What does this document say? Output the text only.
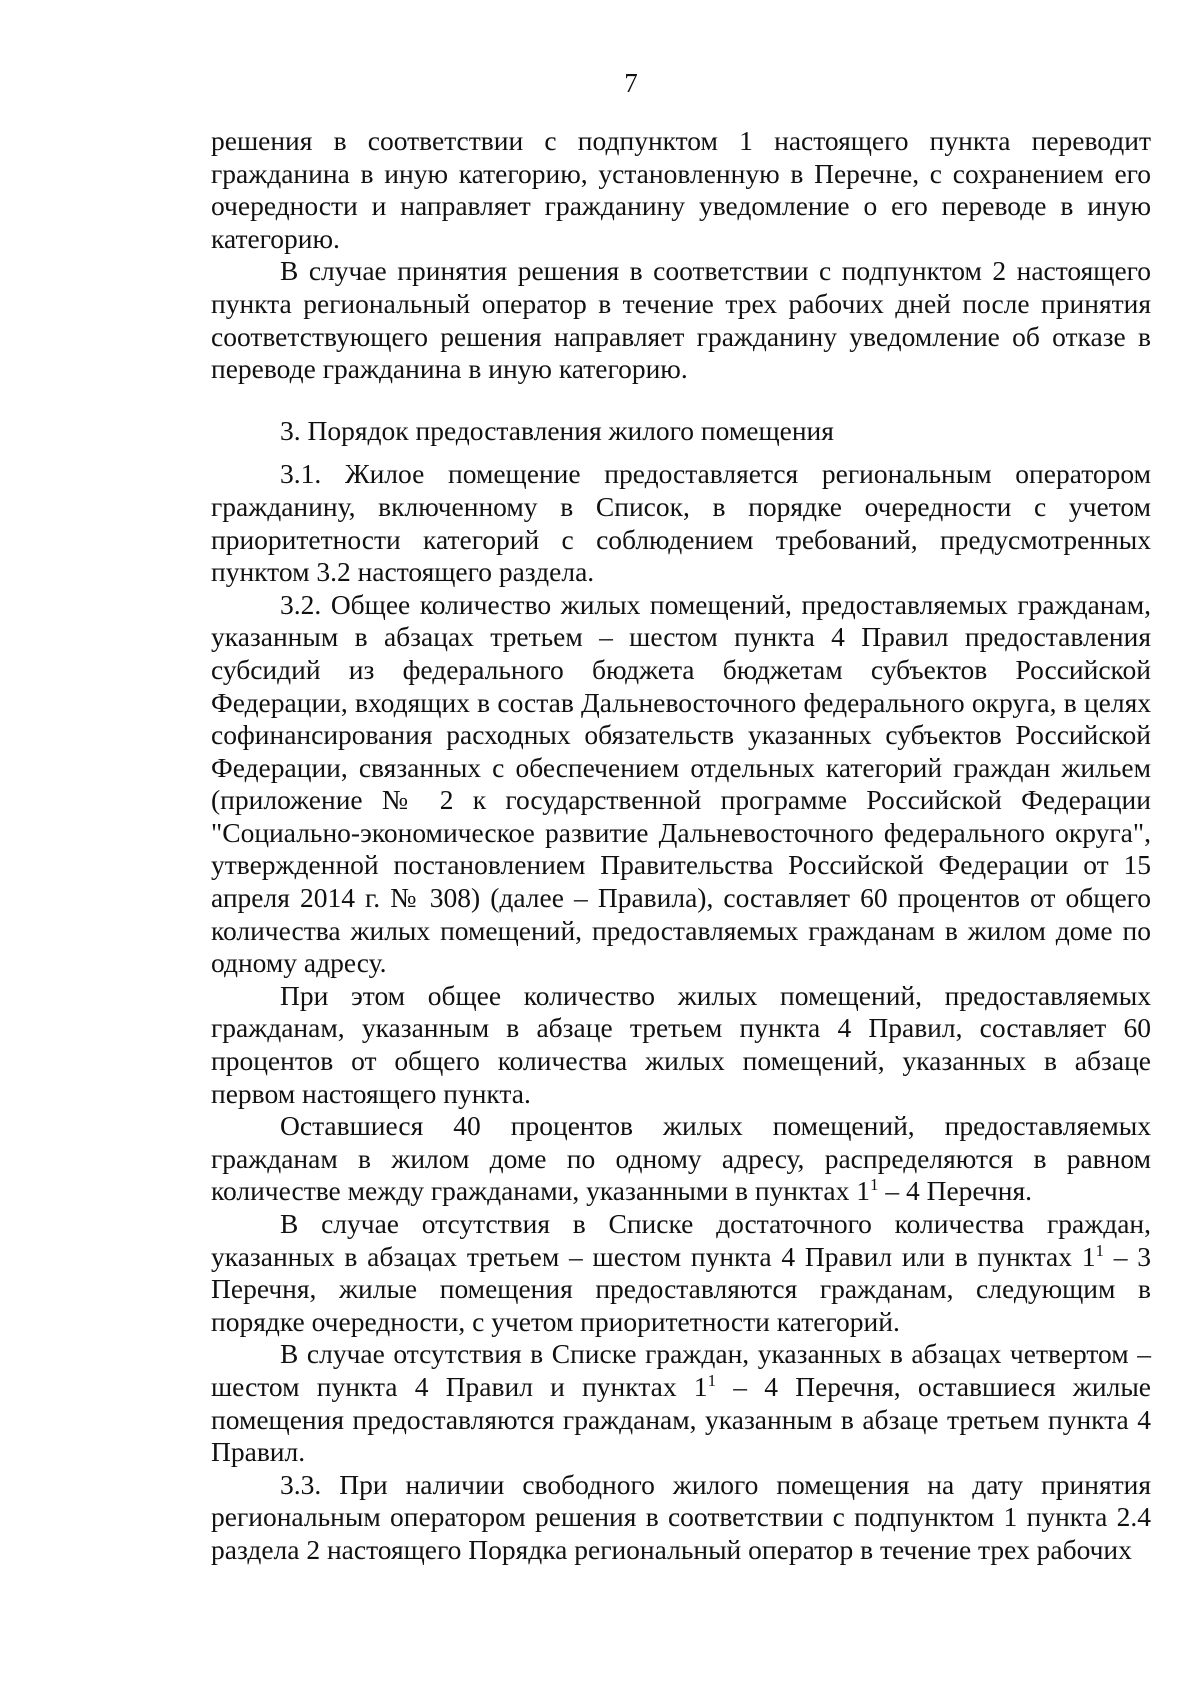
7

решения в соответствии с подпунктом 1 настоящего пункта переводит гражданина в иную категорию, установленную в Перечне, с сохранением его очередности и направляет гражданину уведомление о его переводе в иную категорию.

В случае принятия решения в соответствии с подпунктом 2 настоящего пункта региональный оператор в течение трех рабочих дней после принятия соответствующего решения направляет гражданину уведомление об отказе в переводе гражданина в иную категорию.

3. Порядок предоставления жилого помещения

3.1. Жилое помещение предоставляется региональным оператором гражданину, включенному в Список, в порядке очередности с учетом приоритетности категорий с соблюдением требований, предусмотренных пунктом 3.2 настоящего раздела.

3.2. Общее количество жилых помещений, предоставляемых гражданам, указанным в абзацах третьем – шестом пункта 4 Правил предоставления субсидий из федерального бюджета бюджетам субъектов Российской Федерации, входящих в состав Дальневосточного федерального округа, в целях софинансирования расходных обязательств указанных субъектов Российской Федерации, связанных с обеспечением отдельных категорий граждан жильем (приложение № 2 к государственной программе Российской Федерации "Социально-экономическое развитие Дальневосточного федерального округа", утвержденной постановлением Правительства Российской Федерации от 15 апреля 2014 г. № 308) (далее – Правила), составляет 60 процентов от общего количества жилых помещений, предоставляемых гражданам в жилом доме по одному адресу.

При этом общее количество жилых помещений, предоставляемых гражданам, указанным в абзаце третьем пункта 4 Правил, составляет 60 процентов от общего количества жилых помещений, указанных в абзаце первом настоящего пункта.

Оставшиеся 40 процентов жилых помещений, предоставляемых гражданам в жилом доме по одному адресу, распределяются в равном количестве между гражданами, указанными в пунктах $1^1 - 4$ Перечня.

В случае отсутствия в Списке достаточного количества граждан, указанных в абзацах третьем – шестом пункта 4 Правил или в пунктах $1^1 - 3$ Перечня, жилые помещения предоставляются гражданам, следующим в порядке очередности, с учетом приоритетности категорий.

В случае отсутствия в Списке граждан, указанных в абзацах четвертом – шестом пункта 4 Правил и пунктах $1^1 - 4$ Перечня, оставшиеся жилые помещения предоставляются гражданам, указанным в абзаце третьем пункта 4 Правил.

3.3. При наличии свободного жилого помещения на дату принятия региональным оператором решения в соответствии с подпунктом 1 пункта 2.4 раздела 2 настоящего Порядка региональный оператор в течение трех рабочих
